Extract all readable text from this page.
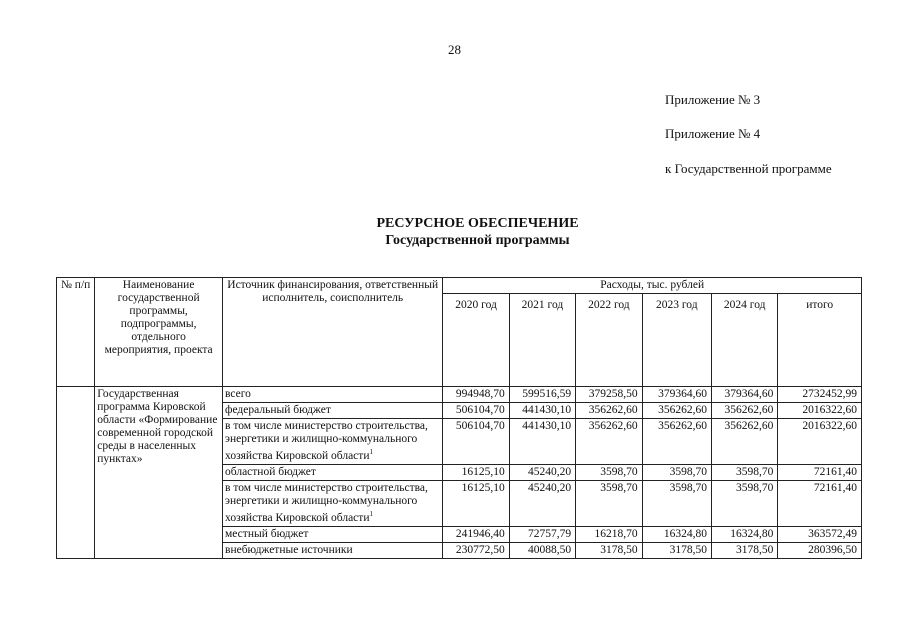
28
Приложение № 3
Приложение № 4
к Государственной программе
РЕСУРСНОЕ ОБЕСПЕЧЕНИЕ
Государственной программы
№ п/п	Наименование государственной программы, подпрограммы, отдельного мероприятия, проекта	Источник финансирования, ответственный исполнитель, соисполнитель	Расходы, тыс. рублей					
			2020 год	2021 год	2022 год	2023 год	2024 год	итого
	Государственная программа Кировской области «Формирование современной городской среды в населенных пунктах»	всего	994948,70	599516,59	379258,50	379364,60	379364,60	2732452,99
		федеральный бюджет	506104,70	441430,10	356262,60	356262,60	356262,60	2016322,60
		в том числе министерство строительства, энергетики и жилищно-коммунального хозяйства Кировской области$^1$	506104,70	441430,10	356262,60	356262,60	356262,60	2016322,60
		областной бюджет	16125,10	45240,20	3598,70	3598,70	3598,70	72161,40
		в том числе министерство строительства, энергетики и жилищно-коммунального хозяйства Кировской области$^1$	16125,10	45240,20	3598,70	3598,70	3598,70	72161,40
		местный бюджет	241946,40	72757,79	16218,70	16324,80	16324,80	363572,49
		внебюджетные источники	230772,50	40088,50	3178,50	3178,50	3178,50	280396,50
